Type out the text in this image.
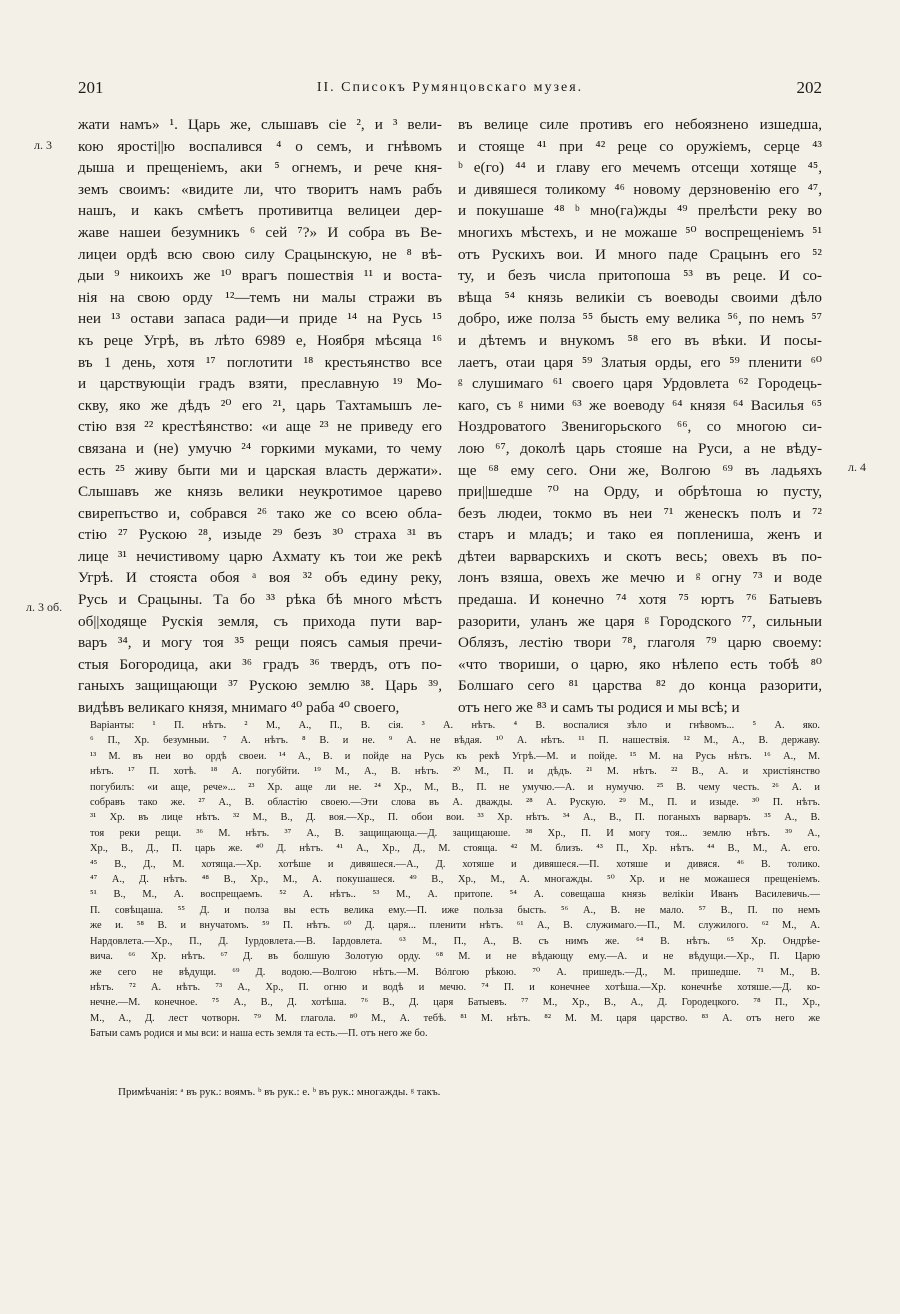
201	II. Списокъ Румянцовскаго музея.	202
л. 3
л. 3 об.
л. 4
жати намъ» ¹. Царь же, слышавъ сіе ², и ³ вели-
кою яростi||ю воспалився ⁴ о семъ, и гнѣвомъ
дыша и прещенiемъ, аки ⁵ огнемъ, и рече кня-
земъ своимъ: «видите ли, что творитъ намъ рабъ
нашъ, и какъ смѣетъ противитца велицеи дер-
жаве нашеи безумникъ ⁶ сей ⁷?» И собра въ Ве-
лицеи ордѣ всю свою силу Срацынскую, не ⁸ вѣ-
дыи ⁹ никоихъ же ¹⁰ врагъ пошествiя ¹¹ и воста-
нiя на свою орду ¹²—темъ ни малы стражи въ
неи ¹³ остави запаса ради—и приде ¹⁴ на Русь ¹⁵
къ реце Угрѣ, въ лѣто 6989 е, Ноября мѣсяца ¹⁶
въ 1 день, хотя ¹⁷ поглотити ¹⁸ крестьянство все
и царствующiи градъ взяти, преславную ¹⁹ Мо-
скву, яко же дѣдъ ²⁰ его ²¹, царь Тахтамышъ ле-
стiю взя ²² крестѣянство: «и аще ²³ не приведу его
связана и (не) умучю ²⁴ горкими муками, то чему
есть ²⁵ живу быти ми и царская власть держати».
Слышавъ же князь велики неукротимое царево
свирепъство и, собрався ²⁶ тако же со всею обла-
стiю ²⁷ Рускою ²⁸, изыде ²⁹ безъ ³⁰ страха ³¹ въ
лице ³¹ нечистивому царю Ахмату къ тои же рекѣ
Угрѣ. И стояста обоя ᵃ воя ³² объ едину реку,
Русь и Срацыны. Та бо ³³ рѣка бѣ много мѣстъ
об||ходяще Рускiя земля, съ прихода пути вар-
варъ ³⁴, и могу тоя ³⁵ рещи поясъ самыя пречи-
стыя Богородица, аки ³⁶ градъ ³⁶ твердъ, отъ по-
ганыхъ защищающи ³⁷ Рускою землю ³⁸. Царь ³⁹,
видѣвъ великаго князя, мнимаго ⁴⁰ раба ⁴⁰ своего,
въ велице силе противъ его небоязнено изшедша,
и стояще ⁴¹ при ⁴² реце со оружiемъ, серце ⁴³
ᵇ е(го) ⁴⁴ и главу его мечемъ отсещи хотяще ⁴⁵,
и дивяшеся толикому ⁴⁶ новому дерзновенiю его ⁴⁷,
и покушаше ⁴⁸ ᵇ мно(га)жды ⁴⁹ прелѣсти реку во
многихъ мѣстехъ, и не можаше ⁵⁰ воспрещенiемъ ⁵¹
отъ Рускихъ вои. И много паде Срацынъ его ⁵²
ту, и безъ числа притопоша ⁵³ въ реце. И со-
вѣща ⁵⁴ князь великiи съ воеводы своими дѣло
добро, иже полза ⁵⁵ бысть ему велика ⁵⁶, по немъ ⁵⁷
и дѣтемъ и внукомъ ⁵⁸ его въ вѣки. И посы-
лаетъ, отаи царя ⁵⁹ Златыя орды, его ⁵⁹ пленити ⁶⁰
ᵍ слушимаго ⁶¹ своего царя Урдовлета ⁶² Городець-
каго, съ ᵍ ними ⁶³ же воеводу ⁶⁴ князя ⁶⁴ Василья ⁶⁵
Ноздроватого Звенигорьского ⁶⁶, со многою си-
лою ⁶⁷, доколѣ царь стояше на Руси, а не вѣду-
ще ⁶⁸ ему сего. Они же, Волгою ⁶⁹ въ ладьяхъ
при||шедше ⁷⁰ на Орду, и обрѣтоша ю пусту,
безъ людеи, токмо въ неи ⁷¹ женескъ полъ и ⁷²
старъ и младъ; и тако ея поплениша, женъ и
дѣтеи варварскихъ и скотъ весь; овехъ въ по-
лонъ взяша, овехъ же мечю и ᵍ огну ⁷³ и воде
предаша. И конечно ⁷⁴ хотя ⁷⁵ юртъ ⁷⁶ Батыевъ
разорити, уланъ же царя ᵍ Городского ⁷⁷, сильныи
Облязъ, лестiю твори ⁷⁸, глаголя ⁷⁹ царю своему:
«что твориши, о царю, яко нѣлепо есть тобѣ ⁸⁰
Болшаго сего ⁸¹ царства ⁸² до конца разорити,
отъ него же ⁸³ и самъ ты родися и мы всѣ; и
Варiанты: ¹ П. нѣтъ. ² М., А., П., В. сiя. ³ А. нѣтъ. ⁴ В. воспалися зѣло и гнѣвомъ... ⁵ А. яко.
⁶ П., Хр. безумныи. ⁷ А. нѣтъ. ⁸ В. и не. ⁹ А. не вѣдая. ¹⁰ А. нѣтъ. ¹¹ П. нашествiя. ¹² М., А., В. державу.
¹³ М. въ неи во ордѣ своеи. ¹⁴ А., В. и пойде на Русь къ рекѣ Угрѣ.—М. и пойде. ¹⁵ М. на Русь нѣтъ. ¹⁶ А., М.
нѣтъ. ¹⁷ П. хотѣ. ¹⁸ А. погубйти. ¹⁹ М., А., В. нѣтъ. ²⁰ М., П. и дѣдъ. ²¹ М. нѣтъ. ²² В., А. и христiянство
погубилъ: «и аще, рече»... ²³ Хр. аще ли не. ²⁴ Хр., М., В., П. не умучю.—А. и нумучю. ²⁵ В. чему честь. ²⁶ А. и
собравъ тако же. ²⁷ А., В. областiю своею.—Эти слова въ А. дважды. ²⁸ А. Рускую. ²⁹ М., П. и изыде. ³⁰ П. нѣтъ.
³¹ Хр. въ лице нѣтъ. ³² М., В., Д. воя.—Хр., П. обои вои. ³³ Хр. нѣтъ. ³⁴ А., В., П. поганыхъ варваръ. ³⁵ А., В.
тоя реки рещи. ³⁶ М. нѣтъ. ³⁷ А., В. защищающа.—Д. защищаюше. ³⁸ Хр., П. И могу тоя... землю нѣтъ. ³⁹ А.,
Хр., В., Д., П. царь же. ⁴⁰ Д. нѣтъ. ⁴¹ А., Хр., Д., М. стояща. ⁴² М. близъ. ⁴³ П., Хр. нѣтъ. ⁴⁴ В., М., А. его.
⁴⁵ В., Д., М. хотяща.—Хр. хотѣше и дивяшеся.—А., Д. хотяше и дивяшеся.—П. хотяше и дивяся. ⁴⁶ В. толико.
⁴⁷ А., Д. нѣтъ. ⁴⁸ В., Хр., М., А. покушашеся. ⁴⁹ В., Хр., М., А. многажды. ⁵⁰ Хр. и не можашеся прещенiемъ.
⁵¹ В., М., А. воспрещаемъ. ⁵² А. нѣтъ.. ⁵³ М., А. притопе. ⁵⁴ А. совещаша князь велiкiи Иванъ Василевичь.—
П. совѣщаша. ⁵⁵ Д. и полза вы есть велика ему.—П. иже польза бысть. ⁵⁶ А., В. не мало. ⁵⁷ В., П. по немъ
же и. ⁵⁸ В. и внучатомъ. ⁵⁹ П. нѣтъ. ⁶⁰ Д. царя... пленити нѣтъ. ⁶¹ А., В. служимаго.—П., М. служилого. ⁶² М., А.
Нардовлета.—Хр., П., Д. Iурдовлета.—В. Iардовлета. ⁶³ М., П., А., В. съ нимъ же. ⁶⁴ В. нѣтъ. ⁶⁵ Хр. Ондрѣе-
вича. ⁶⁶ Хр. нѣтъ. ⁶⁷ Д. въ болшую Золотую орду. ⁶⁸ М. и не вѣдающу ему.—А. и не вѣдущи.—Хр., П. Царю
же сего не вѣдущи. ⁶⁹ Д. водою.—Волгою нѣтъ.—М. Вóлгою рѣкою. ⁷⁰ А. пришедъ.—Д., М. пришедше. ⁷¹ М., В.
нѣтъ. ⁷² А. нѣтъ. ⁷³ А., Хр., П. огню и водѣ и мечю. ⁷⁴ П. и конечнее хотѣша.—Хр. конечнѣе хотяше.—Д. ко-
нечне.—М. конечное. ⁷⁵ А., В., Д. хотѣша. ⁷⁶ В., Д. царя Батыевъ. ⁷⁷ М., Хр., В., А., Д. Городецкого. ⁷⁸ П., Хр.,
М., А., Д. лест чотворн. ⁷⁹ М. глагола. ⁸⁰ М., А. тебѣ. ⁸¹ М. нѣтъ. ⁸² М. М. царя царство. ⁸³ А. отъ него же
Батыи самъ родися и мы вси: и наша есть земля та есть.—П. отъ него же бо.
Примѣчанiя: ᵃ въ рук.: воямъ. ᵇ въ рук.: е. ᵇ въ рук.: многажды. ᵍ такъ.
